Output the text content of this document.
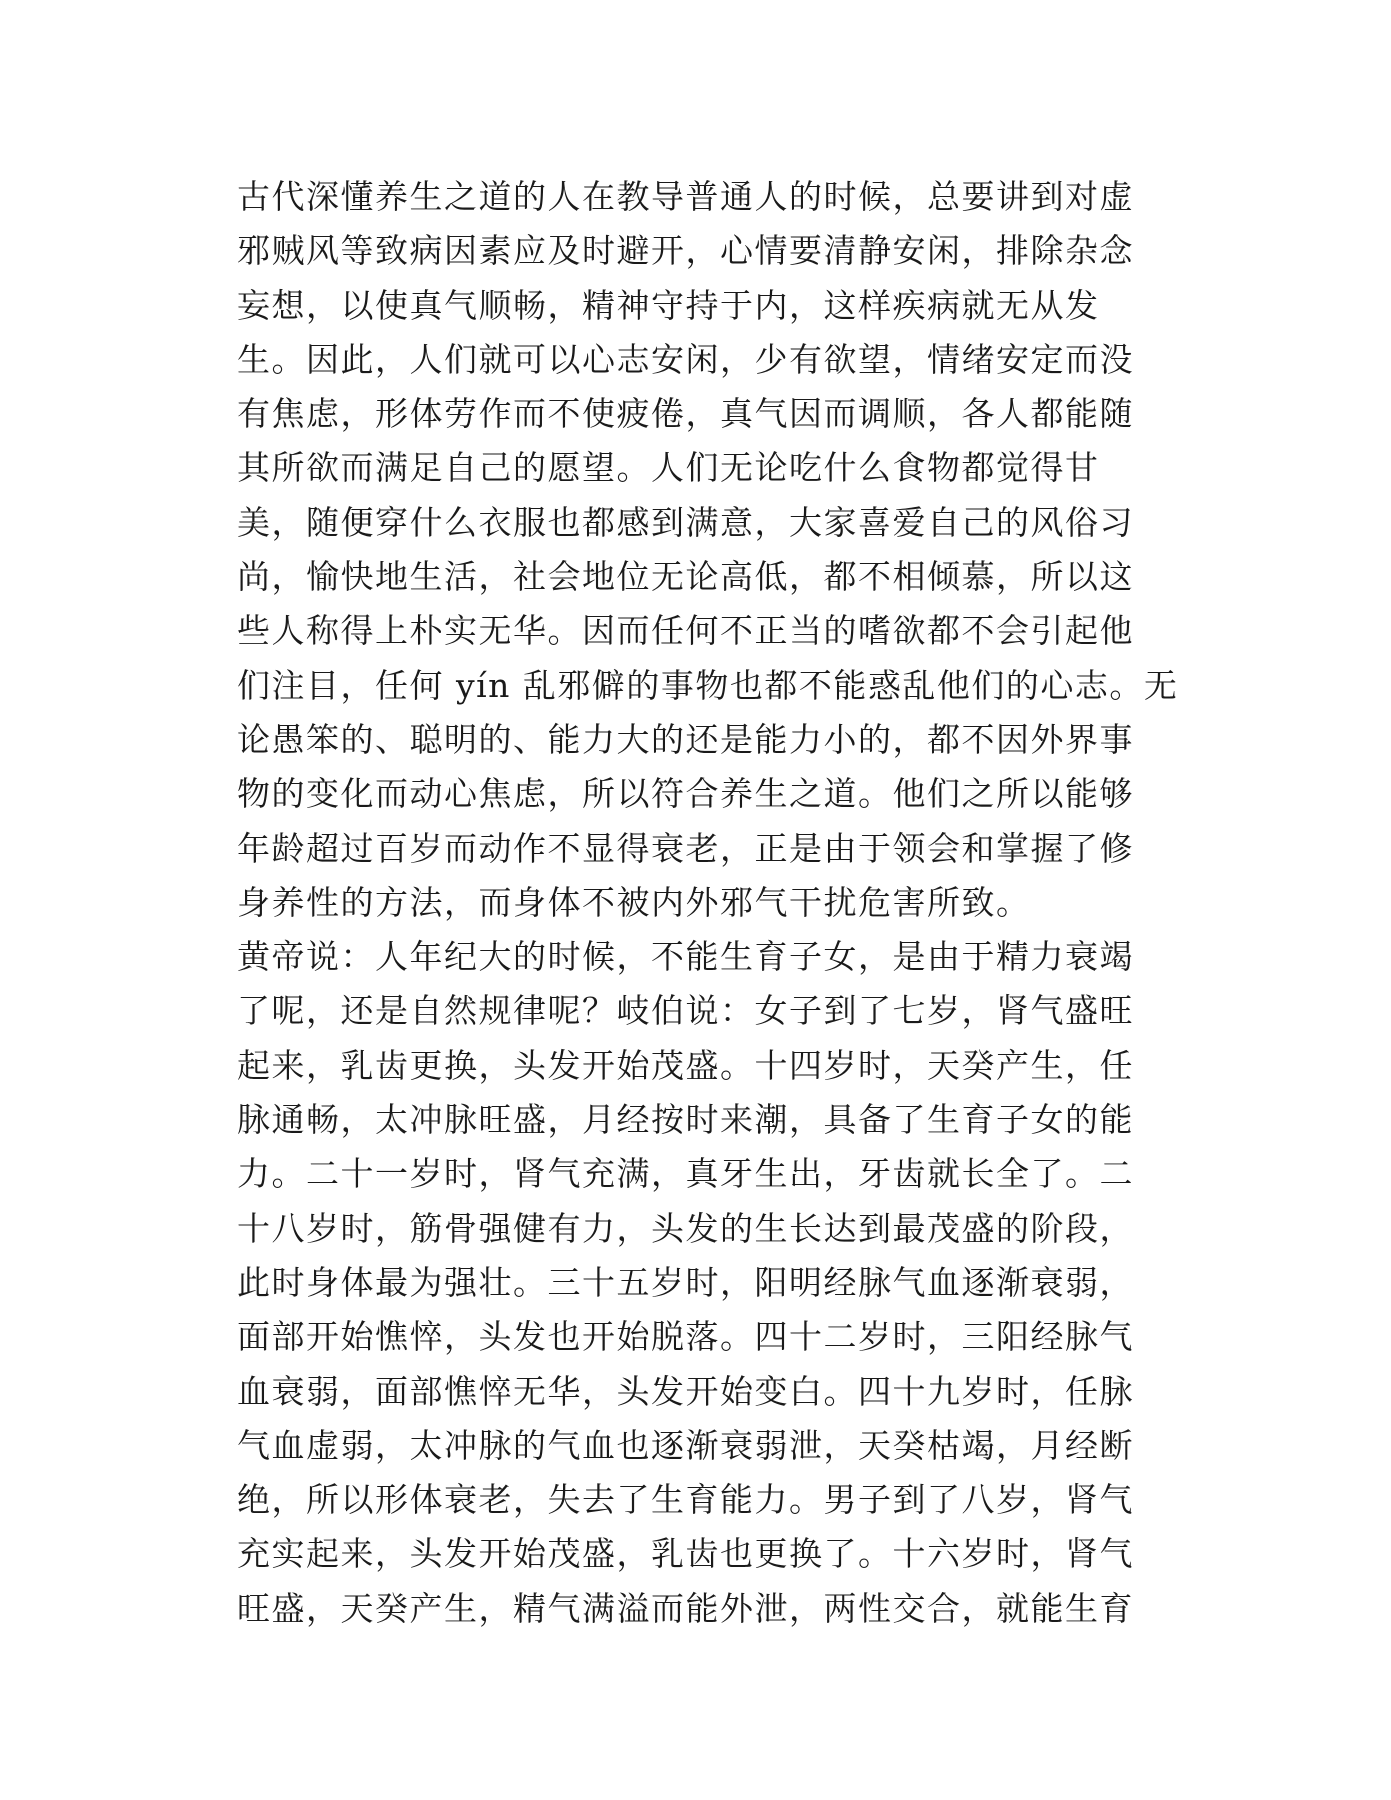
古代深懂养生之道的人在教导普通人的时候，总要讲到对虚
邪贼风等致病因素应及时避开，心情要清静安闲，排除杂念
妄想，以使真气顺畅，精神守持于内，这样疾病就无从发
生。因此，人们就可以心志安闲，少有欲望，情绪安定而没
有焦虑，形体劳作而不使疲倦，真气因而调顺，各人都能随
其所欲而满足自己的愿望。人们无论吃什么食物都觉得甘
美，随便穿什么衣服也都感到满意，大家喜爱自己的风俗习
尚，愉快地生活，社会地位无论高低，都不相倾慕，所以这
些人称得上朴实无华。因而任何不正当的嗜欲都不会引起他
们注目，任何 yín 乱邪僻的事物也都不能惑乱他们的心志。无
论愚笨的、聪明的、能力大的还是能力小的，都不因外界事
物的变化而动心焦虑，所以符合养生之道。他们之所以能够
年龄超过百岁而动作不显得衰老，正是由于领会和掌握了修
身养性的方法，而身体不被内外邪气干扰危害所致。
黄帝说：人年纪大的时候，不能生育子女，是由于精力衰竭
了呢，还是自然规律呢？岐伯说：女子到了七岁，肾气盛旺
起来，乳齿更换，头发开始茂盛。十四岁时，天癸产生，任
脉通畅，太冲脉旺盛，月经按时来潮，具备了生育子女的能
力。二十一岁时，肾气充满，真牙生出，牙齿就长全了。二
十八岁时，筋骨强健有力，头发的生长达到最茂盛的阶段，
此时身体最为强壮。三十五岁时，阳明经脉气血逐渐衰弱，
面部开始憔悴，头发也开始脱落。四十二岁时，三阳经脉气
血衰弱，面部憔悴无华，头发开始变白。四十九岁时，任脉
气血虚弱，太冲脉的气血也逐渐衰弱泄，天癸枯竭，月经断
绝，所以形体衰老，失去了生育能力。男子到了八岁，肾气
充实起来，头发开始茂盛，乳齿也更换了。十六岁时，肾气
旺盛，天癸产生，精气满溢而能外泄，两性交合，就能生育
